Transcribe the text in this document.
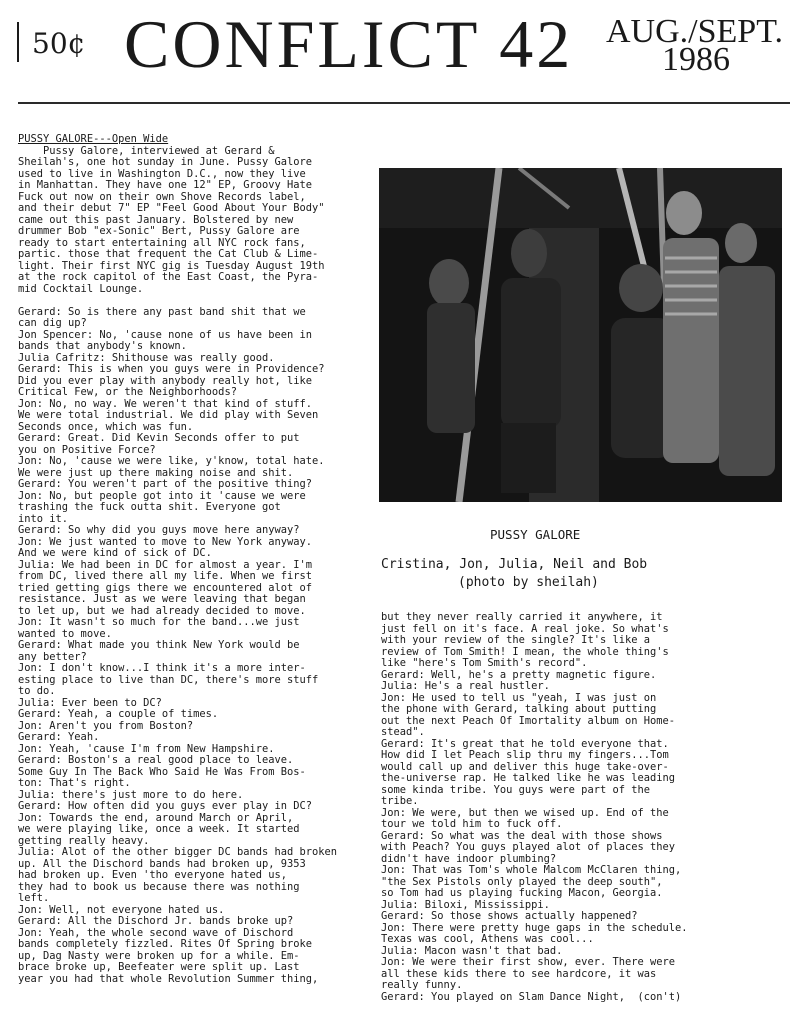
50¢ CONFLICT 42 AUG./SEPT.
1986
PUSSY GALORE---Open Wide
Pussy Galore, interviewed at Gerard &
Sheilah's, one hot sunday in June. Pussy Galore
used to live in Washington D.C., now they live
in Manhattan. They have one 12" EP, Groovy Hate
Fuck out now on their own Shove Records label,
and their debut 7" EP "Feel Good About Your Body"
came out this past January. Bolstered by new
drummer Bob "ex-Sonic" Bert, Pussy Galore are
ready to start entertaining all NYC rock fans,
partic. those that frequent the Cat Club & Lime-
light. Their first NYC gig is Tuesday August 19th
at the rock capitol of the East Coast, the Pyra-
mid Cocktail Lounge.

Gerard: So is there any past band shit that we
can dig up?
Jon Spencer: No, 'cause none of us have been in
bands that anybody's known.
Julia Cafritz: Shithouse was really good.
Gerard: This is when you guys were in Providence?
Did you ever play with anybody really hot, like
Critical Few, or the Neighborhoods?
Jon: No, no way. We weren't that kind of stuff.
We were total industrial. We did play with Seven
Seconds once, which was fun.
Gerard: Great. Did Kevin Seconds offer to put
you on Positive Force?
Jon: No, 'cause we were like, y'know, total hate.
We were just up there making noise and shit.
Gerard: You weren't part of the positive thing?
Jon: No, but people got into it 'cause we were
trashing the fuck outta shit. Everyone got
into it.
Gerard: So why did you guys move here anyway?
Jon: We just wanted to move to New York anyway.
And we were kind of sick of DC.
Julia: We had been in DC for almost a year. I'm
from DC, lived there all my life. When we first
tried getting gigs there we encountered alot of
resistance. Just as we were leaving that began
to let up, but we had already decided to move.
Jon: It wasn't so much for the band...we just
wanted to move.
Gerard: What made you think New York would be
any better?
Jon: I don't know...I think it's a more inter-
esting place to live than DC, there's more stuff
to do.
Julia: Ever been to DC?
Gerard: Yeah, a couple of times.
Jon: Aren't you from Boston?
Gerard: Yeah.
Jon: Yeah, 'cause I'm from New Hampshire.
Gerard: Boston's a real good place to leave.
Some Guy In The Back Who Said He Was From Bos-
ton: That's right.
Julia: there's just more to do here.
Gerard: How often did you guys ever play in DC?
Jon: Towards the end, around March or April,
we were playing like, once a week. It started
getting really heavy.
Julia: Alot of the other bigger DC bands had broken
up. All the Dischord bands had broken up, 9353
had broken up. Even 'tho everyone hated us,
they had to book us because there was nothing
left.
Jon: Well, not everyone hated us.
Gerard: All the Dischord Jr. bands broke up?
Jon: Yeah, the whole second wave of Dischord
bands completely fizzled. Rites Of Spring broke
up, Dag Nasty were broken up for a while. Em-
brace broke up, Beefeater were split up. Last
year you had that whole Revolution Summer thing,
PUSSY GALORE
Cristina, Jon, Julia, Neil and Bob
(photo by sheilah)
but they never really carried it anywhere, it
just fell on it's face. A real joke. So what's
with your review of the single? It's like a
review of Tom Smith! I mean, the whole thing's
like "here's Tom Smith's record".
Gerard: Well, he's a pretty magnetic figure.
Julia: He's a real hustler.
Jon: He used to tell us "yeah, I was just on
the phone with Gerard, talking about putting
out the next Peach Of Imortality album on Home-
stead".
Gerard: It's great that he told everyone that.
How did I let Peach slip thru my fingers...Tom
would call up and deliver this huge take-over-
the-universe rap. He talked like he was leading
some kinda tribe. You guys were part of the
tribe.
Jon: We were, but then we wised up. End of the
tour we told him to fuck off.
Gerard: So what was the deal with those shows
with Peach? You guys played alot of places they
didn't have indoor plumbing?
Jon: That was Tom's whole Malcom McClaren thing,
"the Sex Pistols only played the deep south",
so Tom had us playing fucking Macon, Georgia.
Julia: Biloxi, Mississippi.
Gerard: So those shows actually happened?
Jon: There were pretty huge gaps in the schedule.
Texas was cool, Athens was cool...
Julia: Macon wasn't that bad.
Jon: We were their first show, ever. There were
all these kids there to see hardcore, it was
really funny.
Gerard: You played on Slam Dance Night,  (con't)
